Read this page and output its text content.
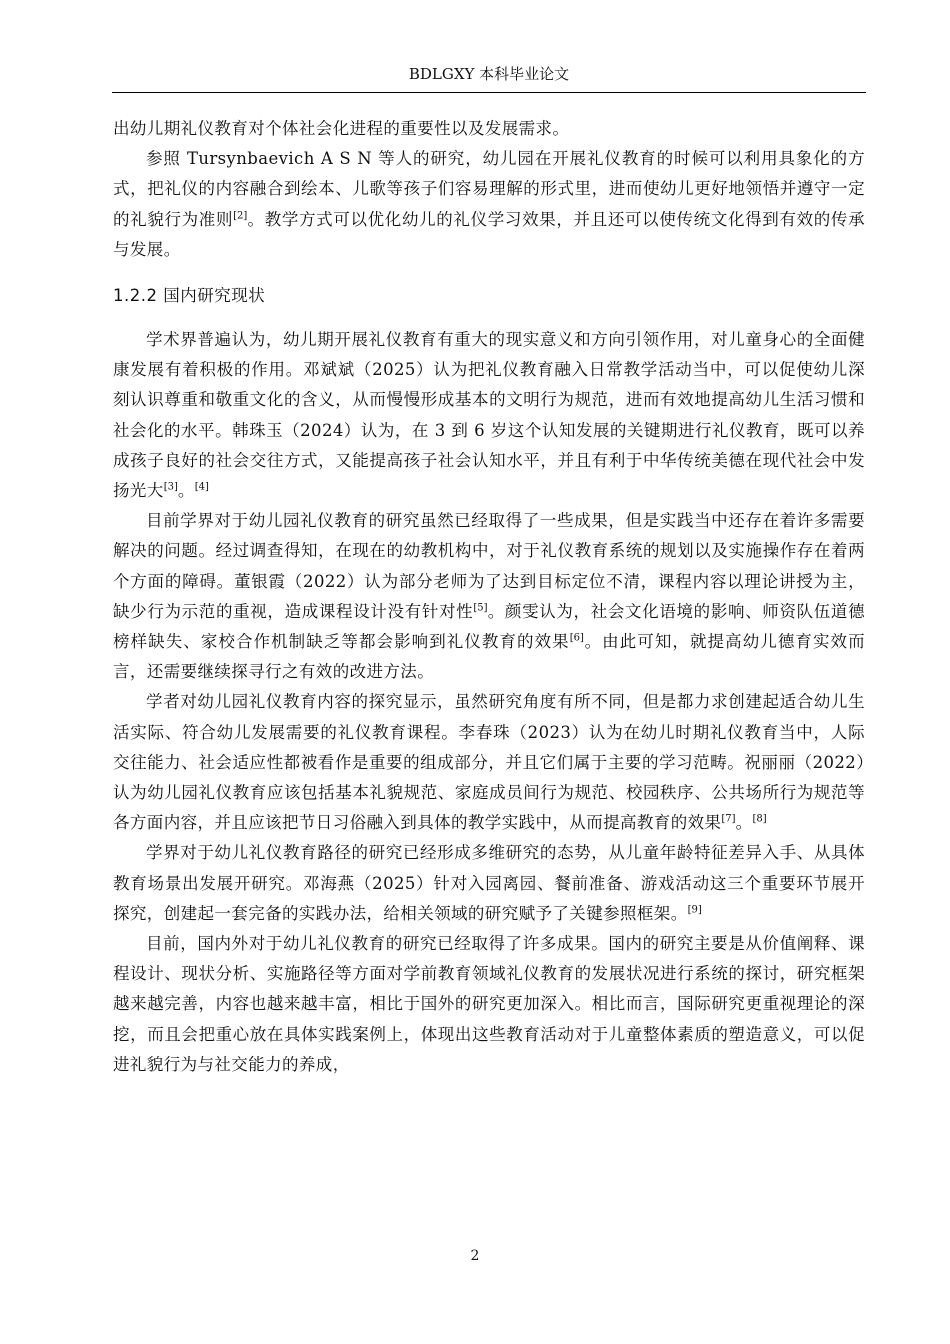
BDLGXY 本科毕业论文

出幼儿期礼仪教育对个体社会化进程的重要性以及发展需求。

参照 Tursynbaevich A S N 等人的研究，幼儿园在开展礼仪教育的时候可以利用具象化的方式，把礼仪的内容融合到绘本、儿歌等孩子们容易理解的形式里，进而使幼儿更好地领悟并遵守一定的礼貌行为准则[2]。教学方式可以优化幼儿的礼仪学习效果，并且还可以使传统文化得到有效的传承与发展。

1.2.2 国内研究现状

学术界普遍认为，幼儿期开展礼仪教育有重大的现实意义和方向引领作用，对儿童身心的全面健康发展有着积极的作用。邓斌斌（2025）认为把礼仪教育融入日常教学活动当中，可以促使幼儿深刻认识尊重和敬重文化的含义，从而慢慢形成基本的文明行为规范，进而有效地提高幼儿生活习惯和社会化的水平。韩珠玉（2024）认为，在 3 到 6 岁这个认知发展的关键期进行礼仪教育，既可以养成孩子良好的社会交往方式，又能提高孩子社会认知水平，并且有利于中华传统美德在现代社会中发扬光大[3]。[4]

目前学界对于幼儿园礼仪教育的研究虽然已经取得了一些成果，但是实践当中还存在着许多需要解决的问题。经过调查得知，在现在的幼教机构中，对于礼仪教育系统的规划以及实施操作存在着两个方面的障碍。董银霞（2022）认为部分老师为了达到目标定位不清，课程内容以理论讲授为主，缺少行为示范的重视，造成课程设计没有针对性[5]。颜雯认为，社会文化语境的影响、师资队伍道德榜样缺失、家校合作机制缺乏等都会影响到礼仪教育的效果[6]。由此可知，就提高幼儿德育实效而言，还需要继续探寻行之有效的改进方法。

学者对幼儿园礼仪教育内容的探究显示，虽然研究角度有所不同，但是都力求创建起适合幼儿生活实际、符合幼儿发展需要的礼仪教育课程。李春珠（2023）认为在幼儿时期礼仪教育当中，人际交往能力、社会适应性都被看作是重要的组成部分，并且它们属于主要的学习范畴。祝丽丽（2022）认为幼儿园礼仪教育应该包括基本礼貌规范、家庭成员间行为规范、校园秩序、公共场所行为规范等各方面内容，并且应该把节日习俗融入到具体的教学实践中，从而提高教育的效果[7]。[8]

学界对于幼儿礼仪教育路径的研究已经形成多维研究的态势，从儿童年龄特征差异入手、从具体教育场景出发展开研究。邓海燕（2025）针对入园离园、餐前准备、游戏活动这三个重要环节展开探究，创建起一套完备的实践办法，给相关领域的研究赋予了关键参照框架。[9]

目前，国内外对于幼儿礼仪教育的研究已经取得了许多成果。国内的研究主要是从价值阐释、课程设计、现状分析、实施路径等方面对学前教育领域礼仪教育的发展状况进行系统的探讨，研究框架越来越完善，内容也越来越丰富，相比于国外的研究更加深入。相比而言，国际研究更重视理论的深挖，而且会把重心放在具体实践案例上，体现出这些教育活动对于儿童整体素质的塑造意义，可以促进礼貌行为与社交能力的养成，

2
